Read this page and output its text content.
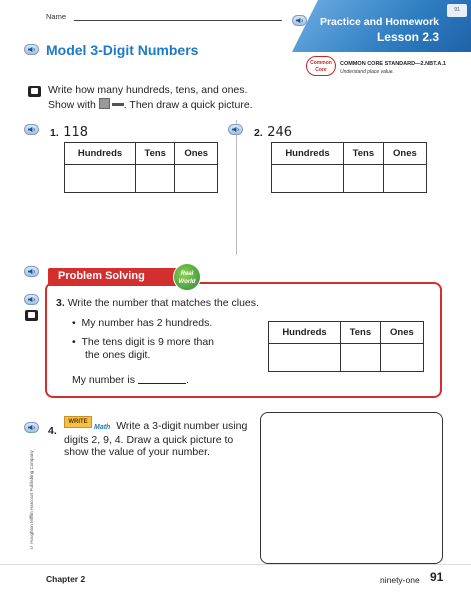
Name
Model 3-Digit Numbers
Practice and Homework
Lesson 2.3
91
Common Core
COMMON CORE STANDARD—2.NBT.A.1
Understand place value.
Write how many hundreds, tens, and ones.
Show with	. Then draw a quick picture.
1. 118
Hundreds	Tens	Ones

2. 246
Hundreds	Tens	Ones

Problem Solving	Real World
3. Write the number that matches the clues.
•  My number has 2 hundreds.
•  The tens digit is 9 more than
the ones digit.
My number is	.
Hundreds	Tens	Ones

4.
WRITE
Math Write a 3-digit number using digits 2, 9, 4. Draw a quick picture to show the value of your number.
© Houghton Mifflin Harcourt Publishing Company
Chapter 2	ninety-one 91
